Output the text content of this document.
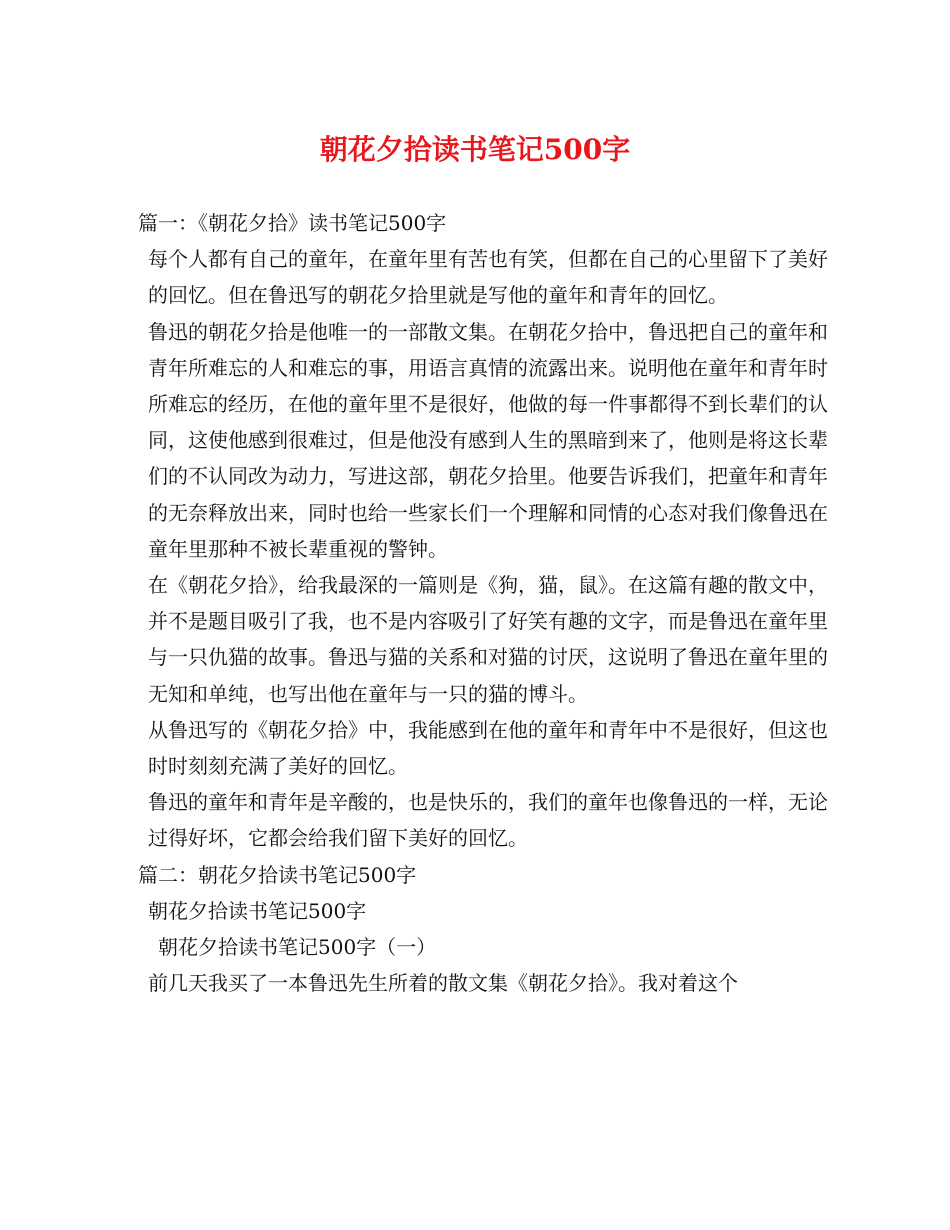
朝花夕拾读书笔记500字

篇一：《朝花夕拾》读书笔记500字

每个人都有自己的童年，在童年里有苦也有笑，但都在自己的心里留下了美好的回忆。但在鲁迅写的朝花夕拾里就是写他的童年和青年的回忆。

鲁迅的朝花夕拾是他唯一的一部散文集。在朝花夕拾中，鲁迅把自己的童年和青年所难忘的人和难忘的事，用语言真情的流露出来。说明他在童年和青年时所难忘的经历，在他的童年里不是很好，他做的每一件事都得不到长辈们的认同，这使他感到很难过，但是他没有感到人生的黑暗到来了，他则是将这长辈们的不认同改为动力，写进这部，朝花夕拾里。他要告诉我们，把童年和青年的无奈释放出来，同时也给一些家长们一个理解和同情的心态对我们像鲁迅在童年里那种不被长辈重视的警钟。

在《朝花夕拾》，给我最深的一篇则是《狗，猫，鼠》。在这篇有趣的散文中，并不是题目吸引了我，也不是内容吸引了好笑有趣的文字，而是鲁迅在童年里与一只仇猫的故事。鲁迅与猫的关系和对猫的讨厌，这说明了鲁迅在童年里的无知和单纯，也写出他在童年与一只的猫的博斗。

从鲁迅写的《朝花夕拾》中，我能感到在他的童年和青年中不是很好，但这也时时刻刻充满了美好的回忆。

鲁迅的童年和青年是辛酸的，也是快乐的，我们的童年也像鲁迅的一样，无论过得好坏，它都会给我们留下美好的回忆。

篇二：朝花夕拾读书笔记500字

朝花夕拾读书笔记500字

朝花夕拾读书笔记500字（一）

前几天我买了一本鲁迅先生所着的散文集《朝花夕拾》。我对着这个
